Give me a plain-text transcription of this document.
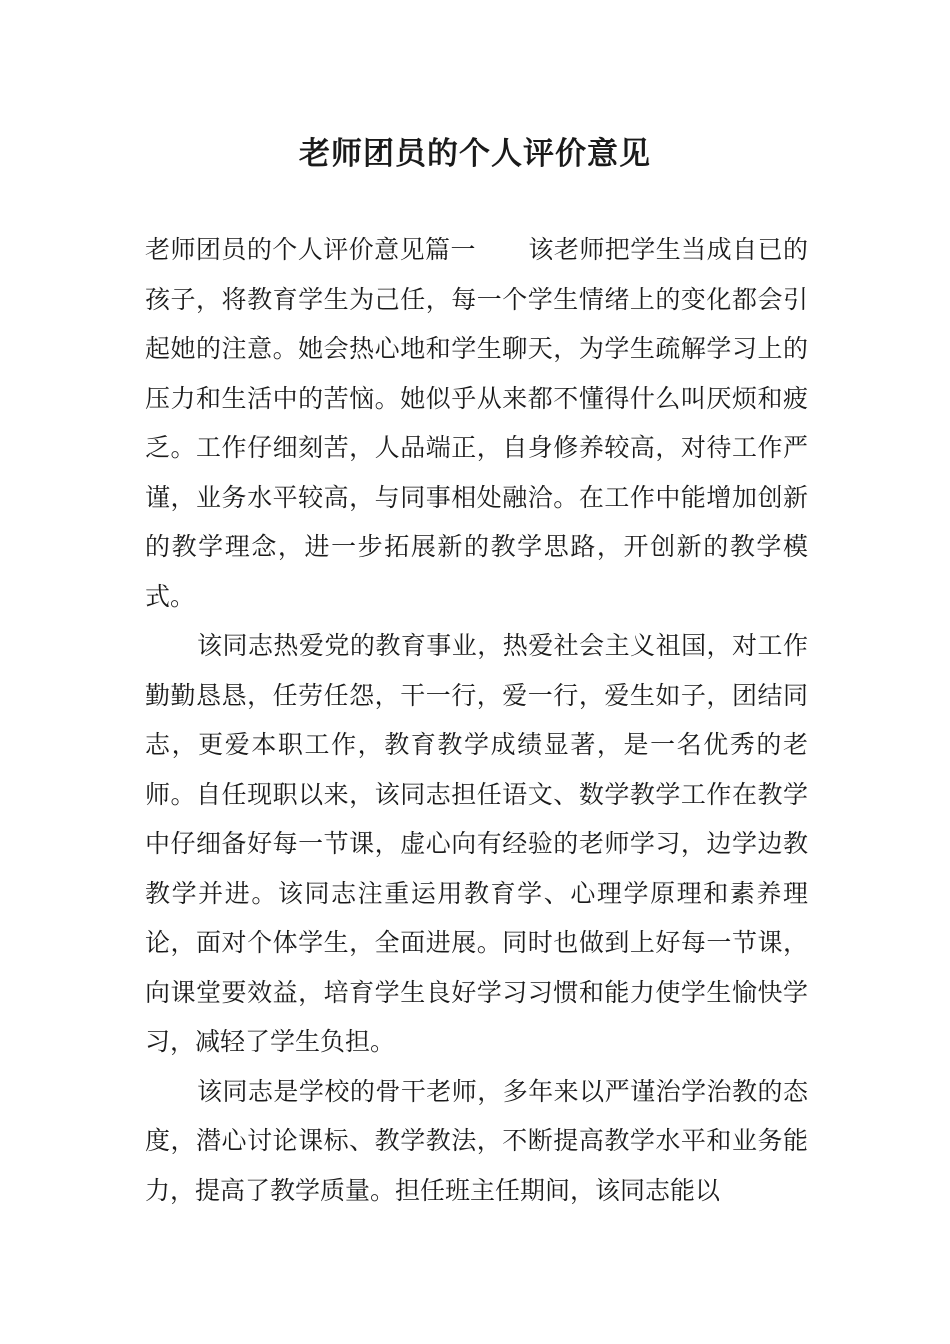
老师团员的个人评价意见

老师团员的个人评价意见篇一 该老师把学生当成自已的孩子，将教育学生为己任，每一个学生情绪上的变化都会引起她的注意。她会热心地和学生聊天，为学生疏解学习上的压力和生活中的苦恼。她似乎从来都不懂得什么叫厌烦和疲乏。工作仔细刻苦，人品端正，自身修养较高，对待工作严谨，业务水平较高，与同事相处融洽。在工作中能增加创新的教学理念，进一步拓展新的教学思路，开创新的教学模式。

该同志热爱党的教育事业，热爱社会主义祖国，对工作勤勤恳恳，任劳任怨，干一行，爱一行，爱生如子，团结同志，更爱本职工作，教育教学成绩显著，是一名优秀的老师。自任现职以来，该同志担任语文、数学教学工作在教学中仔细备好每一节课，虚心向有经验的老师学习，边学边教教学并进。该同志注重运用教育学、心理学原理和素养理论，面对个体学生，全面进展。同时也做到上好每一节课，向课堂要效益，培育学生良好学习习惯和能力使学生愉快学习，减轻了学生负担。

该同志是学校的骨干老师，多年来以严谨治学治教的态度，潜心讨论课标、教学教法，不断提高教学水平和业务能力，提高了教学质量。担任班主任期间，该同志能以
